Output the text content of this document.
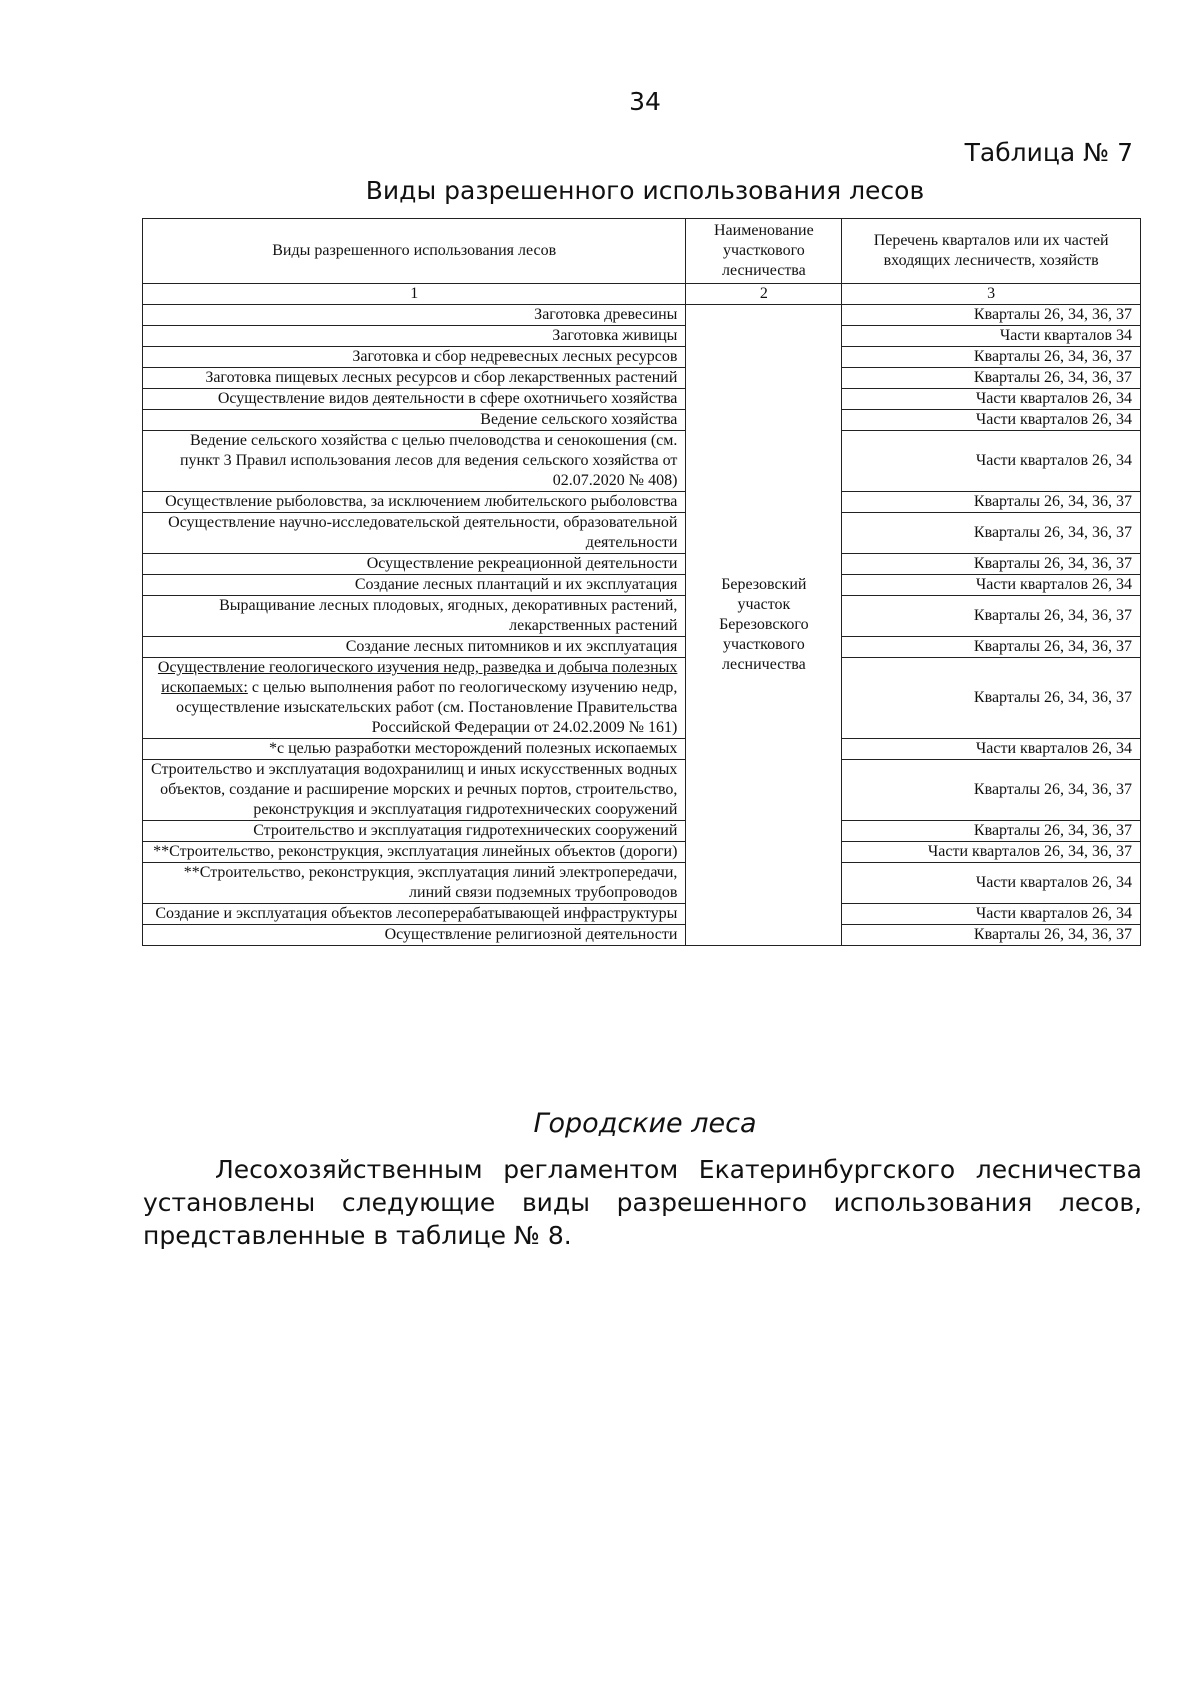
34
Таблица № 7
Виды разрешенного использования лесов
Виды разрешенного использования лесов	Наименование участкового лесничества	Перечень кварталов или их частей входящих лесничеств, хозяйств
1	2	3
Заготовка древесины	Березовский участок Березовского участкового лесничества	Кварталы 26, 34, 36, 37
Заготовка живицы		Части кварталов 34
Заготовка и сбор недревесных лесных ресурсов		Кварталы 26, 34, 36, 37
Заготовка пищевых лесных ресурсов и сбор лекарственных растений		Кварталы 26, 34, 36, 37
Осуществление видов деятельности в сфере охотничьего хозяйства		Части кварталов 26, 34
Ведение сельского хозяйства		Части кварталов 26, 34
Ведение сельского хозяйства с целью пчеловодства и сенокошения (см. пункт 3 Правил использования лесов для ведения сельского хозяйства от 02.07.2020 № 408)		Части кварталов 26, 34
Осуществление рыболовства, за исключением любительского рыболовства		Кварталы 26, 34, 36, 37
Осуществление научно-исследовательской деятельности, образовательной деятельности		Кварталы 26, 34, 36, 37
Осуществление рекреационной деятельности		Кварталы 26, 34, 36, 37
Создание лесных плантаций и их эксплуатация		Части кварталов 26, 34
Выращивание лесных плодовых, ягодных, декоративных растений, лекарственных растений		Кварталы 26, 34, 36, 37
Создание лесных питомников и их эксплуатация		Кварталы 26, 34, 36, 37
Осуществление геологического изучения недр, разведка и добыча полезных ископаемых: с целью выполнения работ по геологическому изучению недр, осуществление изыскательских работ (см. Постановление Правительства Российской Федерации от 24.02.2009 № 161)		Кварталы 26, 34, 36, 37
*с целью разработки месторождений полезных ископаемых		Части кварталов 26, 34
Строительство и эксплуатация водохранилищ и иных искусственных водных объектов, создание и расширение морских и речных портов, строительство, реконструкция и эксплуатация гидротехнических сооружений		Кварталы 26, 34, 36, 37
Строительство и эксплуатация гидротехнических сооружений		Кварталы 26, 34, 36, 37
**Строительство, реконструкция, эксплуатация линейных объектов (дороги)		Части кварталов 26, 34, 36, 37
**Строительство, реконструкция, эксплуатация линий электропередачи, линий связи подземных трубопроводов		Части кварталов 26, 34
Создание и эксплуатация объектов лесоперерабатывающей инфраструктуры		Части кварталов 26, 34
Осуществление религиозной деятельности		Кварталы 26, 34, 36, 37
Городские леса
Лесохозяйственным регламентом Екатеринбургского лесничества установлены следующие виды разрешенного использования лесов, представленные в таблице № 8.
